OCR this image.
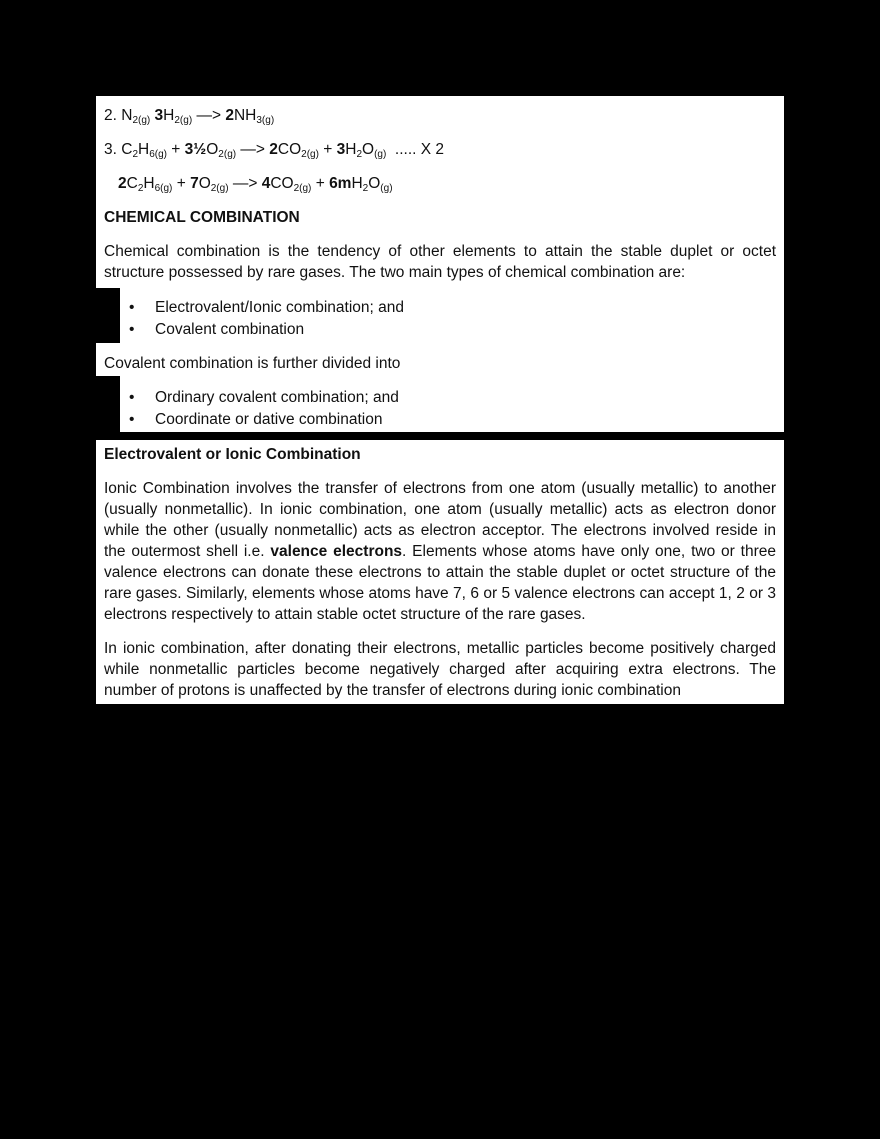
2. $N_{2(g)}$ $3H_{2(g)}$ —> $2NH_{3(g)}$
3. $C_2H_{6(g)}$ + $3\frac{1}{2}O_{2(g)}$ —> $2CO_{2(g)} + 3H_2O_{(g)}$  ..... X 2
$2C_2H_{6(g)} + 7O_{2(g)}$ —> $4CO_{2(g)} + 6mH_2O_{(g)}$
CHEMICAL COMBINATION
Chemical combination is the tendency of other elements to attain the stable duplet or octet structure possessed by rare gases. The two main types of chemical combination are:
• Electrovalent/Ionic combination; and
• Covalent combination
Covalent combination is further divided into
• Ordinary covalent combination; and
• Coordinate or dative combination
Electrovalent or Ionic Combination
Ionic Combination involves the transfer of electrons from one atom (usually metallic) to another (usually nonmetallic). In ionic combination, one atom (usually metallic) acts as electron donor while the other (usually nonmetallic) acts as electron acceptor. The electrons involved reside in the outermost shell i.e. valence electrons. Elements whose atoms have only one, two or three valence electrons can donate these electrons to attain the stable duplet or octet structure of the rare gases. Similarly, elements whose atoms have 7, 6 or 5 valence electrons can accept 1, 2 or 3 electrons respectively to attain stable octet structure of the rare gases.
In ionic combination, after donating their electrons, metallic particles become positively charged while nonmetallic particles become negatively charged after acquiring extra electrons. The number of protons is unaffected by the transfer of electrons during ionic combination
